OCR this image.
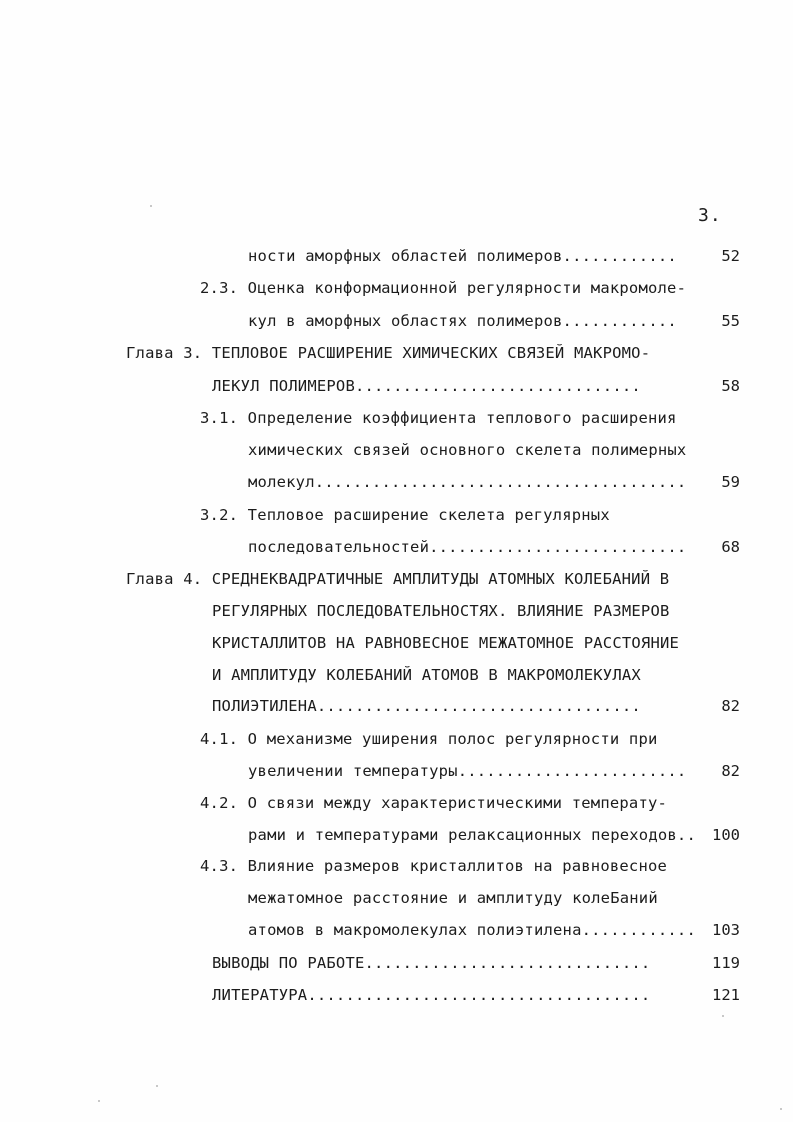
3.
ности аморфных областей полимеров............	52
2.3. Оценка конформационной регулярности макромоле-
кул в аморфных областях полимеров............	55
Глава 3. ТЕПЛОВОЕ РАСШИРЕНИЕ ХИМИЧЕСКИХ СВЯЗЕЙ МАКРОМО-
ЛЕКУЛ ПОЛИМЕРОВ..............................	58
3.1. Определение коэффициента теплового расширения
химических связей основного скелета полимерных
молекул.......................................	59
3.2. Тепловое расширение скелета регулярных
последовательностей...........................	68
Глава 4. СРЕДНЕКВАДРАТИЧНЫЕ АМПЛИТУДЫ АТОМНЫХ КОЛЕБАНИЙ В
РЕГУЛЯРНЫХ ПОСЛЕДОВАТЕЛЬНОСТЯХ. ВЛИЯНИЕ РАЗМЕРОВ
КРИСТАЛЛИТОВ НА РАВНОВЕСНОЕ МЕЖАТОМНОЕ РАССТОЯНИЕ
И АМПЛИТУДУ КОЛЕБАНИЙ АТОМОВ В МАКРОМОЛЕКУЛАХ
ПОЛИЭТИЛЕНА..................................	82
4.1. О механизме уширения полос регулярности при
увеличении температуры........................	82
4.2. О связи между характеристическими температу-
рами и температурами релаксационных переходов..	100
4.3. Влияние размеров кристаллитов на равновесное
межатомное расстояние и амплитуду колеБаний
атомов в макромолекулах полиэтилена............	103
ВЫВОДЫ ПО РАБОТЕ..............................	119
ЛИТЕРАТУРА....................................	121
